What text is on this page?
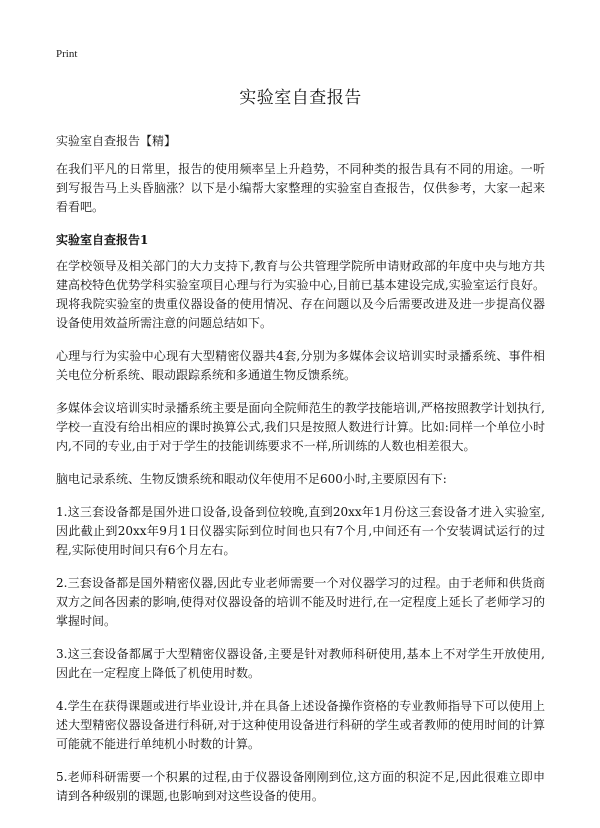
Print
实验室自查报告
实验室自查报告【精】

在我们平凡的日常里，报告的使用频率呈上升趋势，不同种类的报告具有不同的用途。一听到写报告马上头昏脑涨？以下是小编帮大家整理的实验室自查报告，仅供参考，大家一起来看看吧。

实验室自查报告1

在学校领导及相关部门的大力支持下,教育与公共管理学院所申请财政部的年度中央与地方共建高校特色优势学科实验室项目心理与行为实验中心,目前已基本建设完成,实验室运行良好。现将我院实验室的贵重仪器设备的使用情况、存在问题以及今后需要改进及进一步提高仪器设备使用效益所需注意的问题总结如下。

心理与行为实验中心现有大型精密仪器共4套,分别为多媒体会议培训实时录播系统、事件相关电位分析系统、眼动跟踪系统和多通道生物反馈系统。

多媒体会议培训实时录播系统主要是面向全院师范生的教学技能培训,严格按照教学计划执行,学校一直没有给出相应的课时换算公式,我们只是按照人数进行计算。比如:同样一个单位小时内,不同的专业,由于对于学生的技能训练要求不一样,所训练的人数也相差很大。

脑电记录系统、生物反馈系统和眼动仪年使用不足600小时,主要原因有下:

1.这三套设备都是国外进口设备,设备到位较晚,直到20xx年1月份这三套设备才进入实验室,因此截止到20xx年9月1日仪器实际到位时间也只有7个月,中间还有一个安装调试运行的过程,实际使用时间只有6个月左右。

2.三套设备都是国外精密仪器,因此专业老师需要一个对仪器学习的过程。由于老师和供货商双方之间各因素的影响,使得对仪器设备的培训不能及时进行,在一定程度上延长了老师学习的掌握时间。

3.这三套设备都属于大型精密仪器设备,主要是针对教师科研使用,基本上不对学生开放使用,因此在一定程度上降低了机使用时数。

4.学生在获得课题或进行毕业设计,并在具备上述设备操作资格的专业教师指导下可以使用上述大型精密仪器设备进行科研,对于这种使用设备进行科研的学生或者教师的使用时间的计算可能就不能进行单纯机小时数的计算。

5.老师科研需要一个积累的过程,由于仪器设备刚刚到位,这方面的积淀不足,因此很难立即申请到各种级别的课题,也影响到对这些设备的使用。
